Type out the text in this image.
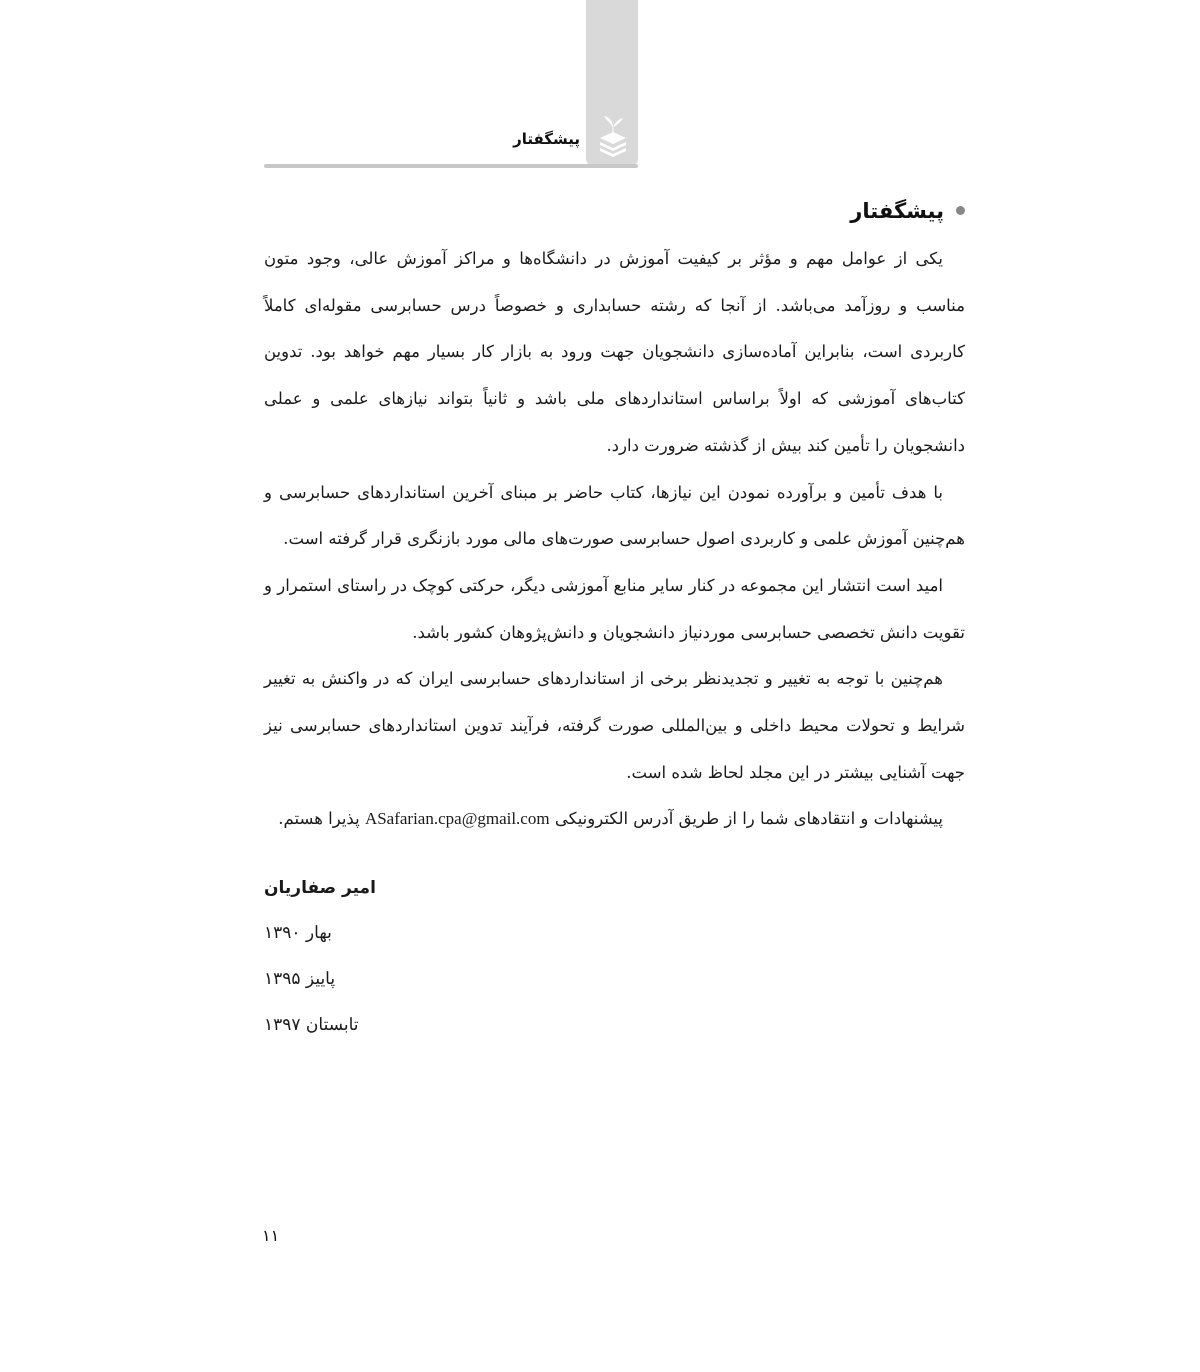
پیشگفتار
پیشگفتار

یکی از عوامل مهم و مؤثر بر کیفیت آموزش در دانشگاه‌ها و مراکز آموزش عالی، وجود متون مناسب و روزآمد می‌باشد. از آنجا که رشته حسابداری و خصوصاً درس حسابرسی مقوله‌ای کاملاً کاربردی است، بنابراین آماده‌سازی دانشجویان جهت ورود به بازار کار بسیار مهم خواهد بود. تدوین کتاب‌های آموزشی که اولاً براساس استانداردهای ملی باشد و ثانیاً بتواند نیازهای علمی و عملی دانشجویان را تأمین کند بیش از گذشته ضرورت دارد.

با هدف تأمین و برآورده نمودن این نیازها، کتاب حاضر بر مبنای آخرین استانداردهای حسابرسی و هم‌چنین آموزش علمی و کاربردی اصول حسابرسی صورت‌های مالی مورد بازنگری قرار گرفته است.

امید است انتشار این مجموعه در کنار سایر منابع آموزشی دیگر، حرکتی کوچک در راستای استمرار و تقویت دانش تخصصی حسابرسی موردنیاز دانشجویان و دانش‌پژوهان کشور باشد.

هم‌چنین با توجه به تغییر و تجدیدنظر برخی از استانداردهای حسابرسی ایران که در واکنش به تغییر شرایط و تحولات محیط داخلی و بین‌المللی صورت گرفته، فرآیند تدوین استانداردهای حسابرسی نیز جهت آشنایی بیشتر در این مجلد لحاظ شده است.

پیشنهادات و انتقادهای شما را از طریق آدرس الکترونیکی ASafarian.cpa@gmail.com پذیرا هستم.

امیر صفاریان
بهار ۱۳۹۰
پاییز ۱۳۹۵
تابستان ۱۳۹۷
۱۱
